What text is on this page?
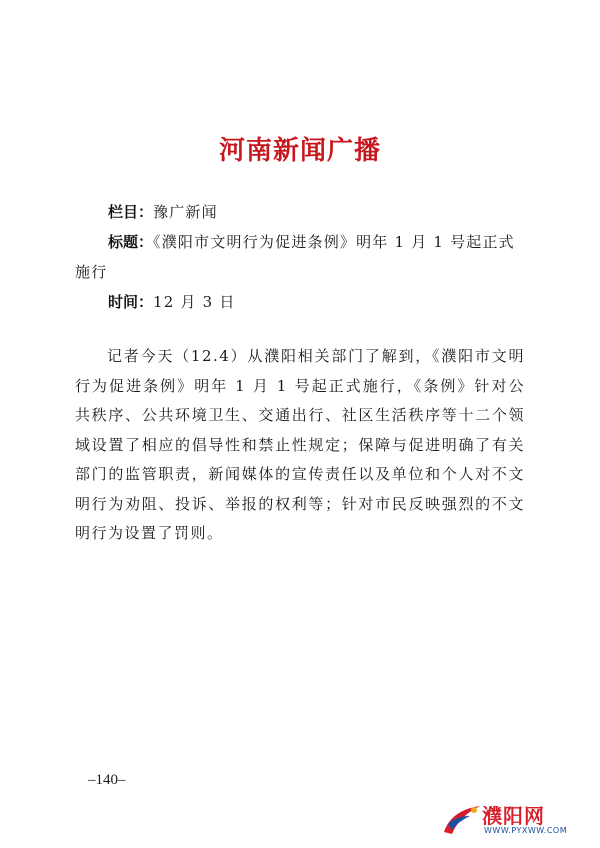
河南新闻广播
栏目：豫广新闻
标题：《濮阳市文明行为促进条例》明年 1 月 1 号起正式
施行
时间：12 月 3 日
记者今天（12.4）从濮阳相关部门了解到，《濮阳市文明行为促进条例》明年 1 月 1 号起正式施行，《条例》针对公共秩序、公共环境卫生、交通出行、社区生活秩序等十二个领域设置了相应的倡导性和禁止性规定；保障与促进明确了有关部门的监管职责，新闻媒体的宣传责任以及单位和个人对不文明行为劝阻、投诉、举报的权利等；针对市民反映强烈的不文明行为设置了罚则。
–140–
濮阳网
WWW.PYXWW.COM
